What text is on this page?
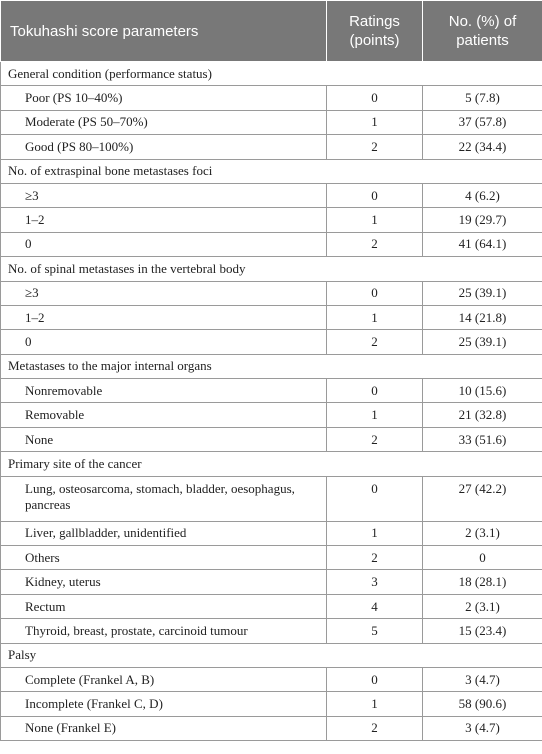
Tokuhashi score parameters	Ratings (points)	No. (%) of patients
General condition (performance status)		
Poor (PS 10–40%)	0	5 (7.8)
Moderate (PS 50–70%)	1	37 (57.8)
Good (PS 80–100%)	2	22 (34.4)
No. of extraspinal bone metastases foci		
≥3	0	4 (6.2)
1–2	1	19 (29.7)
0	2	41 (64.1)
No. of spinal metastases in the vertebral body		
≥3	0	25 (39.1)
1–2	1	14 (21.8)
0	2	25 (39.1)
Metastases to the major internal organs		
Nonremovable	0	10 (15.6)
Removable	1	21 (32.8)
None	2	33 (51.6)
Primary site of the cancer		
Lung, osteosarcoma, stomach, bladder, oesophagus, pancreas	0	27 (42.2)
Liver, gallbladder, unidentified	1	2 (3.1)
Others	2	0
Kidney, uterus	3	18 (28.1)
Rectum	4	2 (3.1)
Thyroid, breast, prostate, carcinoid tumour	5	15 (23.4)
Palsy		
Complete (Frankel A, B)	0	3 (4.7)
Incomplete (Frankel C, D)	1	58 (90.6)
None (Frankel E)	2	3 (4.7)
